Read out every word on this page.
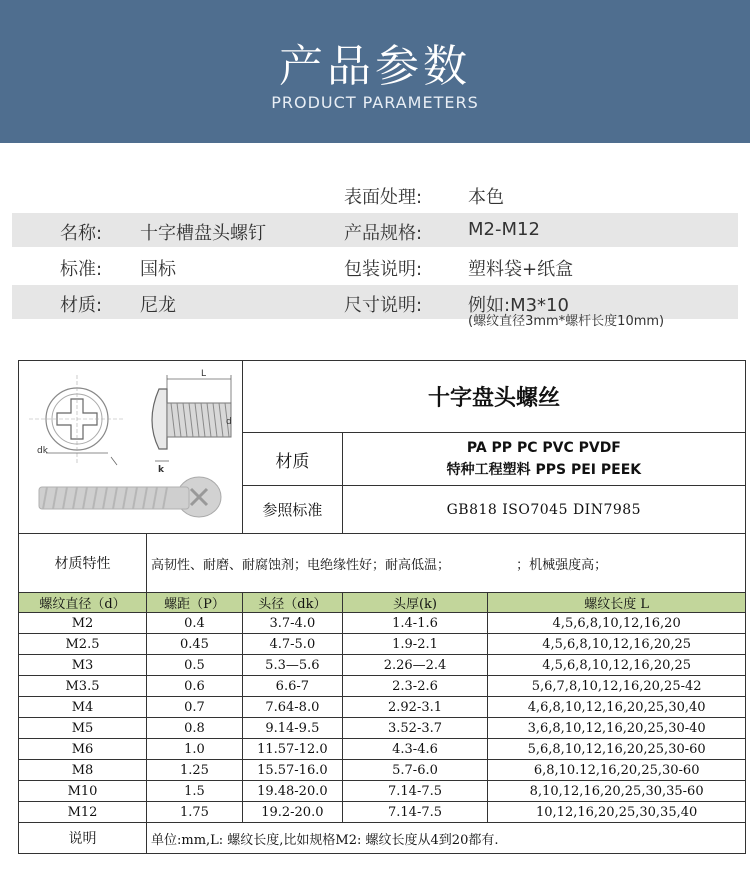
产品参数
PRODUCT PARAMETERS
表面处理:	本色
名称: 十字槽盘头螺钉	产品规格:	M2-M12
标准: 国标	包装说明:	塑料袋+纸盒
材质: 尼龙	尺寸说明:	例如:M3*10
(螺纹直径3mm*螺杆长度10mm)
dk
L
k
d		十字盘头螺丝		
		材质	PA PP PC PVC PVDF
特种工程塑料 PPS PEI PEEK	

		参照标准	GB818 ISO7045 DIN7985	
材质特性	高韧性、耐磨、耐腐蚀剂；电绝缘性好；耐高低温；                ；机械强度高；			
螺纹直径（d）	螺距（P）	头径（dk）	头厚(k)	螺纹长度 L
M2	0.4	3.7-4.0	1.4-1.6	4,5,6,8,10,12,16,20
M2.5	0.45	4.7-5.0	1.9-2.1	4,5,6,8,10,12,16,20,25
M3	0.5	5.3—5.6	2.26—2.4	4,5,6,8,10,12,16,20,25
M3.5	0.6	6.6-7	2.3-2.6	5,6,7,8,10,12,16,20,25-42
M4	0.7	7.64-8.0	2.92-3.1	4,6,8,10,12,16,20,25,30,40
M5	0.8	9.14-9.5	3.52-3.7	3,6,8,10,12,16,20,25,30-40
M6	1.0	11.57-12.0	4.3-4.6	5,6,8,10,12,16,20,25,30-60
M8	1.25	15.57-16.0	5.7-6.0	6,8,10.12,16,20,25,30-60
M10	1.5	19.48-20.0	7.14-7.5	8,10,12,16,20,25,30,35-60
M12	1.75	19.2-20.0	7.14-7.5	10,12,16,20,25,30,35,40
说明	单位:mm,L: 螺纹长度,比如规格M2: 螺纹长度从4到20都有.			
